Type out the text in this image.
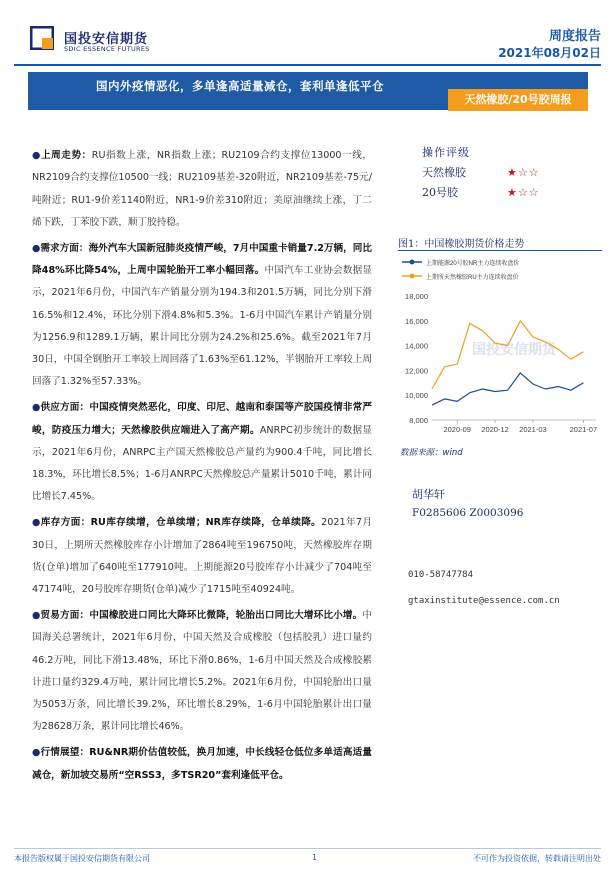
国投安信期货
SDIC ESSENCE FUTURES
周度报告
2021年08月02日
国内外疫情恶化，多单逢高适量减仓，套利单逢低平仓
天然橡胶/20号胶周报

●上周走势：RU指数上涨，NR指数上涨；RU2109合约支撑位13000一线，NR2109合约支撑位10500一线；RU2109基差-320附近，NR2109基差-75元/吨附近；RU1-9价差1140附近，NR1-9价差310附近；美原油继续上涨，丁二烯下跌，丁苯胶下跌，顺丁胶持稳。

●需求方面：海外汽车大国新冠肺炎疫情严峻，7月中国重卡销量7.2万辆，同比降48%环比降54%，上周中国轮胎开工率小幅回落。中国汽车工业协会数据显示，2021年6月份，中国汽车产销量分别为194.3和201.5万辆，同比分别下滑16.5%和12.4%，环比分别下滑4.8%和5.3%。1-6月中国汽车累计产销量分别为1256.9和1289.1万辆，累计同比分别为24.2%和25.6%。截至2021年7月30日，中国全钢胎开工率较上周回落了1.63%至61.12%，半钢胎开工率较上周回落了1.32%至57.33%。

●供应方面：中国疫情突然恶化，印度、印尼、越南和泰国等产胶国疫情非常严峻，防疫压力增大；天然橡胶供应端进入了高产期。ANRPC初步统计的数据显示，2021年6月份，ANRPC主产国天然橡胶总产量约为900.4千吨，同比增长18.3%，环比增长8.5%；1-6月ANRPC天然橡胶总产量累计5010千吨，累计同比增长7.45%。

●库存方面：RU库存续增，仓单续增；NR库存续降，仓单续降。2021年7月30日，上期所天然橡胶库存小计增加了2864吨至196750吨，天然橡胶库存期货(仓单)增加了640吨至177910吨。上期能源20号胶库存小计减少了704吨至47174吨，20号胶库存期货(仓单)减少了1715吨至40924吨。

●贸易方面：中国橡胶进口同比大降环比微降，轮胎出口同比大增环比小增。中国海关总署统计，2021年6月份，中国天然及合成橡胶（包括胶乳）进口量约46.2万吨，同比下滑13.48%，环比下滑0.86%，1-6月中国天然及合成橡胶累计进口量约329.4万吨，累计同比增长5.2%。2021年6月份，中国轮胎出口量为5053万条，同比增长39.2%，环比增长8.29%，1-6月中国轮胎累计出口量为28628万条，累计同比增长46%。

●行情展望：RU&NR期价估值较低，换月加速，中长线轻仓低位多单适高适量减仓，新加坡交易所“空RSS3，多TSR20”套利逢低平仓。

操作评级
天然橡胶	★☆☆
20号胶	★☆☆
图1：中国橡胶期货价格走势
上期能源20号胶NR主力连续收盘价
上期所天然橡胶RU主力连续收盘价
国投安信期货
8,000
10,000
12,000
14,000
16,000
18,000
2020-09 2020-12 2021-03	2021-07
数据来源：wind
胡华轩
F0285606 Z0003096
010-58747784
gtaxinstitute@essence.com.cn
本报告版权属于国投安信期货有限公司	1	不可作为投资依据，转载请注明出处
